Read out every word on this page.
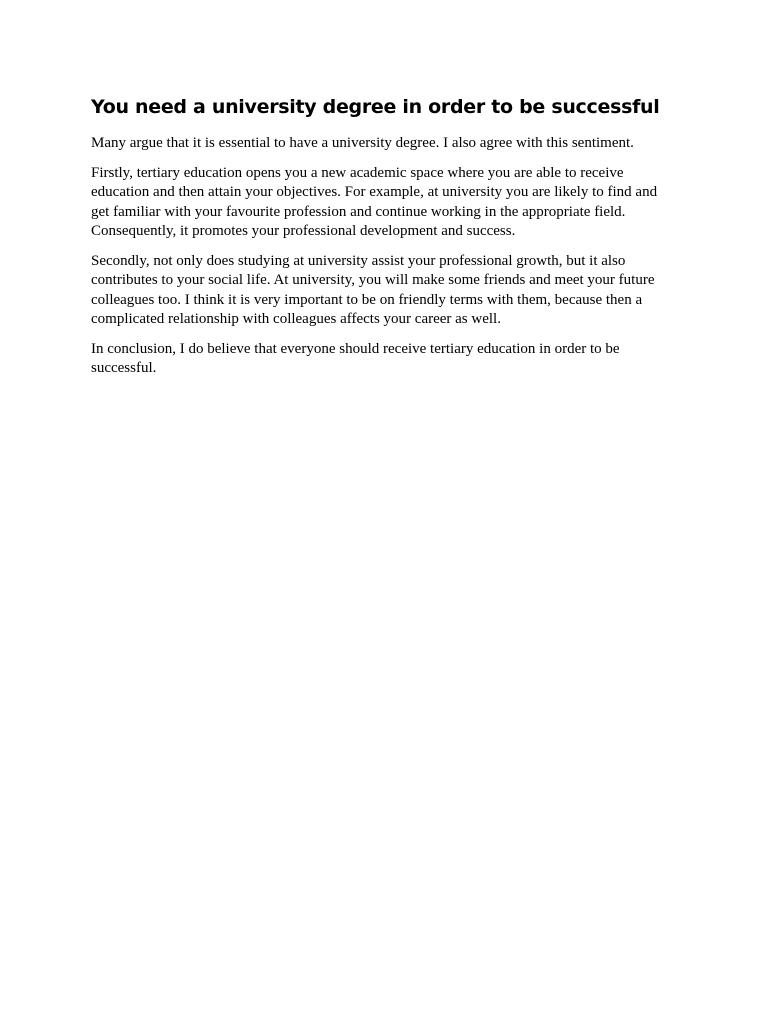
You need a university degree in order to be successful

Many argue that it is essential to have a university degree. I also agree with this sentiment.

Firstly, tertiary education opens you a new academic space where you are able to receive
education and then attain your objectives. For example, at university you are likely to find and
get familiar with your favourite profession and continue working in the appropriate field.
Consequently, it promotes your professional development and success.

Secondly, not only does studying at university assist your professional growth, but it also
contributes to your social life. At university, you will make some friends and meet your future
colleagues too. I think it is very important to be on friendly terms with them, because then a
complicated relationship with colleagues affects your career as well.

In conclusion, I do believe that everyone should receive tertiary education in order to be
successful.
